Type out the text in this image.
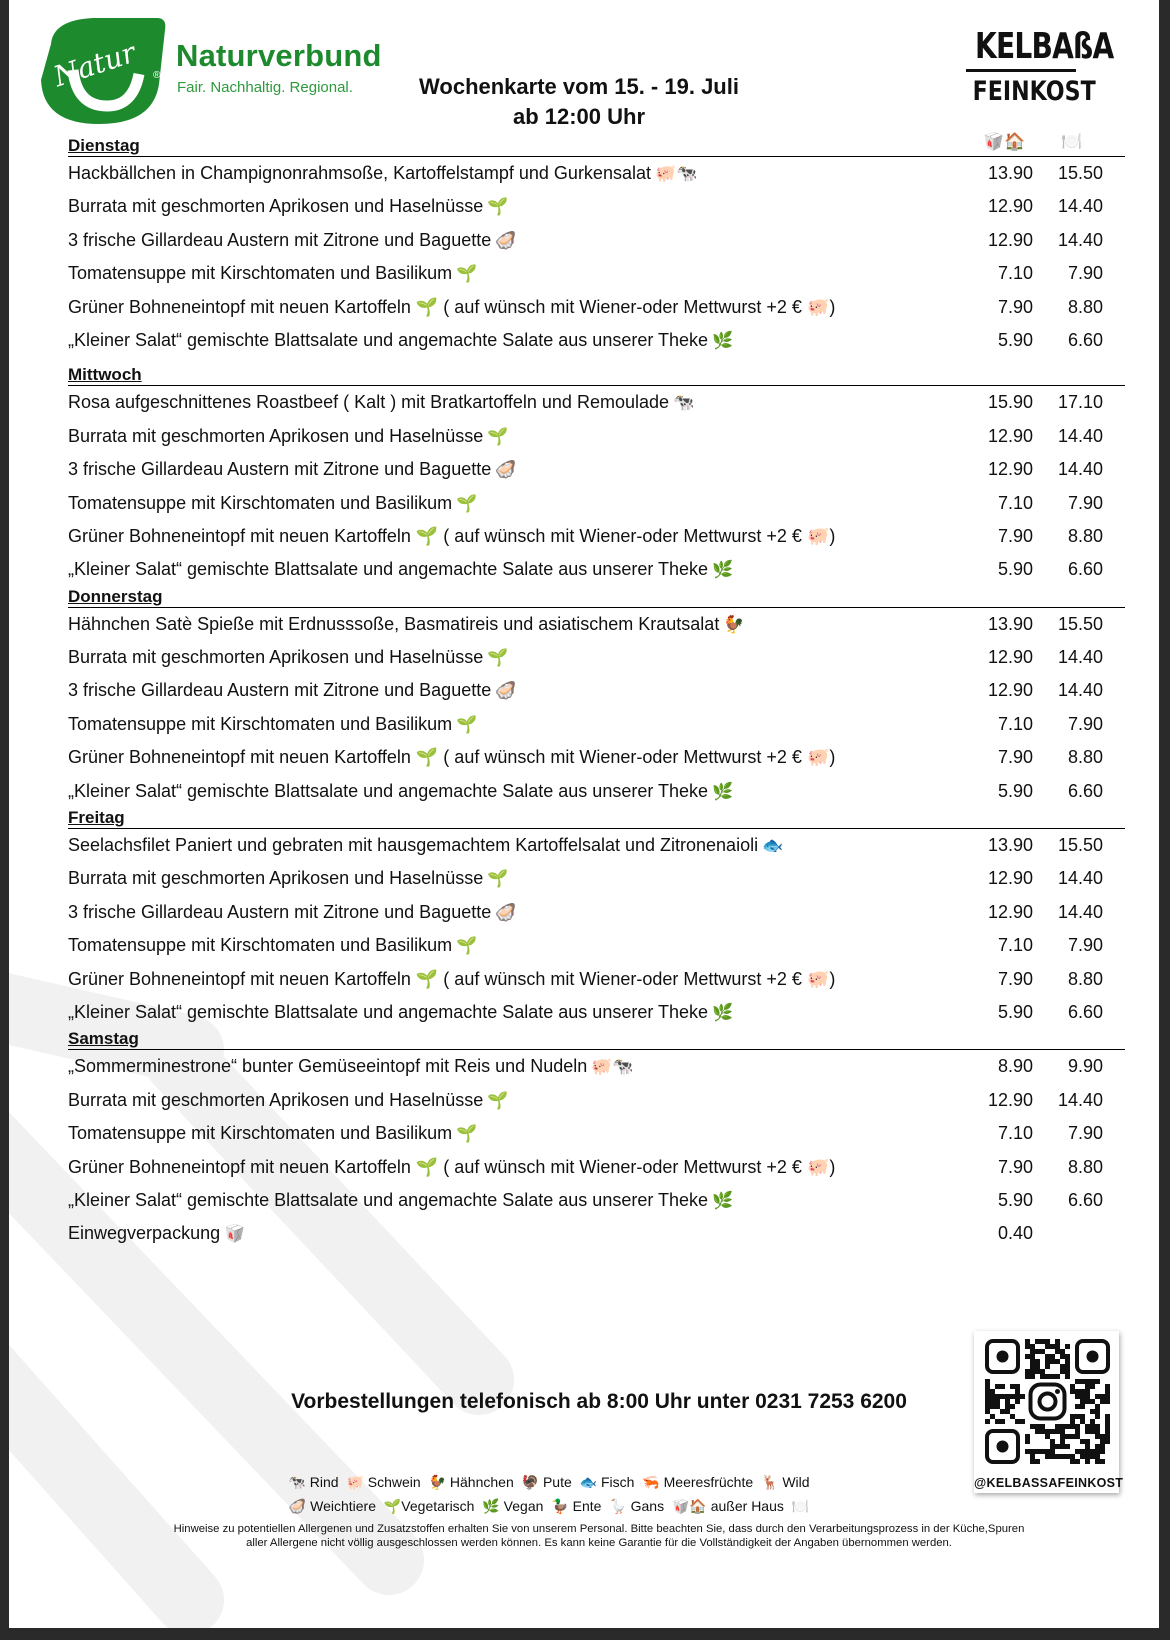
Natur ®
Naturverbund
Fair. Nachhaltig. Regional.	Wochenkarte vom 15. - 19. Juli
ab 12:00 Uhr
KELBAßA
FEINKOST
🥡🏠 🍽️
Dienstag
Hackbällchen in Champignonrahmsoße, Kartoffelstampf und Gurkensalat 🐖🐄	13.90	15.50
Burrata mit geschmorten Aprikosen und Haselnüsse 🌱	12.90	14.40
3 frische Gillardeau Austern mit Zitrone und Baguette 🦪	12.90	14.40
Tomatensuppe mit Kirschtomaten und Basilikum 🌱	7.10	7.90
Grüner Bohneneintopf mit neuen Kartoffeln 🌱 ( auf wünsch mit Wiener-oder Mettwurst +2 € 🐖)	7.90	8.80
„Kleiner Salat“ gemischte Blattsalate und angemachte Salate aus unserer Theke 🌿	5.90	6.60
Mittwoch
Rosa aufgeschnittenes Roastbeef ( Kalt ) mit Bratkartoffeln und Remoulade 🐄	15.90	17.10
Burrata mit geschmorten Aprikosen und Haselnüsse 🌱	12.90	14.40
3 frische Gillardeau Austern mit Zitrone und Baguette 🦪	12.90	14.40
Tomatensuppe mit Kirschtomaten und Basilikum 🌱	7.10	7.90
Grüner Bohneneintopf mit neuen Kartoffeln 🌱 ( auf wünsch mit Wiener-oder Mettwurst +2 € 🐖)	7.90	8.80
„Kleiner Salat“ gemischte Blattsalate und angemachte Salate aus unserer Theke 🌿	5.90	6.60
Donnerstag
Hähnchen Satè Spieße mit Erdnusssoße, Basmatireis und asiatischem Krautsalat 🐓	13.90	15.50
Burrata mit geschmorten Aprikosen und Haselnüsse 🌱	12.90	14.40
3 frische Gillardeau Austern mit Zitrone und Baguette 🦪	12.90	14.40
Tomatensuppe mit Kirschtomaten und Basilikum 🌱	7.10	7.90
Grüner Bohneneintopf mit neuen Kartoffeln 🌱 ( auf wünsch mit Wiener-oder Mettwurst +2 € 🐖)	7.90	8.80
„Kleiner Salat“ gemischte Blattsalate und angemachte Salate aus unserer Theke 🌿	5.90	6.60
Freitag
Seelachsfilet Paniert und gebraten mit hausgemachtem Kartoffelsalat und Zitronenaioli 🐟	13.90	15.50
Burrata mit geschmorten Aprikosen und Haselnüsse 🌱	12.90	14.40
3 frische Gillardeau Austern mit Zitrone und Baguette 🦪	12.90	14.40
Tomatensuppe mit Kirschtomaten und Basilikum 🌱	7.10	7.90
Grüner Bohneneintopf mit neuen Kartoffeln 🌱 ( auf wünsch mit Wiener-oder Mettwurst +2 € 🐖)	7.90	8.80
„Kleiner Salat“ gemischte Blattsalate und angemachte Salate aus unserer Theke 🌿	5.90	6.60
Samstag
„Sommerminestrone“ bunter Gemüseeintopf mit Reis und Nudeln 🐖🐄	8.90	9.90
Burrata mit geschmorten Aprikosen und Haselnüsse 🌱	12.90	14.40
Tomatensuppe mit Kirschtomaten und Basilikum 🌱	7.10	7.90
Grüner Bohneneintopf mit neuen Kartoffeln 🌱 ( auf wünsch mit Wiener-oder Mettwurst +2 € 🐖)	7.90	8.80
„Kleiner Salat“ gemischte Blattsalate und angemachte Salate aus unserer Theke 🌿	5.90	6.60
Einwegverpackung 🥡	0.40
Vorbestellungen telefonisch ab 8:00 Uhr unter 0231 7253 6200
@KELBASSAFEINKOST
🐄 Rind 🐖 Schwein 🐓 Hähnchen 🦃 Pute 🐟 Fisch 🦐 Meeresfrüchte 🦌 Wild
🦪 Weichtiere 🌱Vegetarisch 🌿 Vegan 🦆 Ente 🪿 Gans 🥡🏠 außer Haus 🍽️
Hinweise zu potentiellen Allergenen und Zusatzstoffen erhalten Sie von unserem Personal. Bitte beachten Sie, dass durch den Verarbeitungsprozess in der Küche,Spuren
aller Allergene nicht völlig ausgeschlossen werden können. Es kann keine Garantie für die Vollständigkeit der Angaben übernommen werden.
